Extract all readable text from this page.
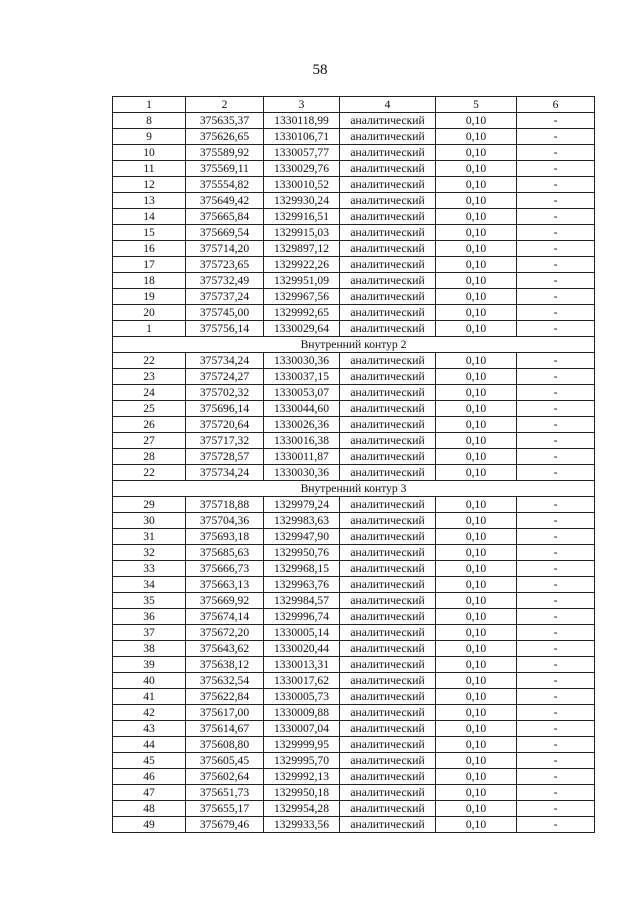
58
1	2	3	4	5	6
8	375635,37	1330118,99	аналитический	0,10	-
9	375626,65	1330106,71	аналитический	0,10	-
10	375589,92	1330057,77	аналитический	0,10	-
11	375569,11	1330029,76	аналитический	0,10	-
12	375554,82	1330010,52	аналитический	0,10	-
13	375649,42	1329930,24	аналитический	0,10	-
14	375665,84	1329916,51	аналитический	0,10	-
15	375669,54	1329915,03	аналитический	0,10	-
16	375714,20	1329897,12	аналитический	0,10	-
17	375723,65	1329922,26	аналитический	0,10	-
18	375732,49	1329951,09	аналитический	0,10	-
19	375737,24	1329967,56	аналитический	0,10	-
20	375745,00	1329992,65	аналитический	0,10	-
1	375756,14	1330029,64	аналитический	0,10	-
Внутренний контур 2					
22	375734,24	1330030,36	аналитический	0,10	-
23	375724,27	1330037,15	аналитический	0,10	-
24	375702,32	1330053,07	аналитический	0,10	-
25	375696,14	1330044,60	аналитический	0,10	-
26	375720,64	1330026,36	аналитический	0,10	-
27	375717,32	1330016,38	аналитический	0,10	-
28	375728,57	1330011,87	аналитический	0,10	-
22	375734,24	1330030,36	аналитический	0,10	-
Внутренний контур 3					
29	375718,88	1329979,24	аналитический	0,10	-
30	375704,36	1329983,63	аналитический	0,10	-
31	375693,18	1329947,90	аналитический	0,10	-
32	375685,63	1329950,76	аналитический	0,10	-
33	375666,73	1329968,15	аналитический	0,10	-
34	375663,13	1329963,76	аналитический	0,10	-
35	375669,92	1329984,57	аналитический	0,10	-
36	375674,14	1329996,74	аналитический	0,10	-
37	375672,20	1330005,14	аналитический	0,10	-
38	375643,62	1330020,44	аналитический	0,10	-
39	375638,12	1330013,31	аналитический	0,10	-
40	375632,54	1330017,62	аналитический	0,10	-
41	375622,84	1330005,73	аналитический	0,10	-
42	375617,00	1330009,88	аналитический	0,10	-
43	375614,67	1330007,04	аналитический	0,10	-
44	375608,80	1329999,95	аналитический	0,10	-
45	375605,45	1329995,70	аналитический	0,10	-
46	375602,64	1329992,13	аналитический	0,10	-
47	375651,73	1329950,18	аналитический	0,10	-
48	375655,17	1329954,28	аналитический	0,10	-
49	375679,46	1329933,56	аналитический	0,10	-
